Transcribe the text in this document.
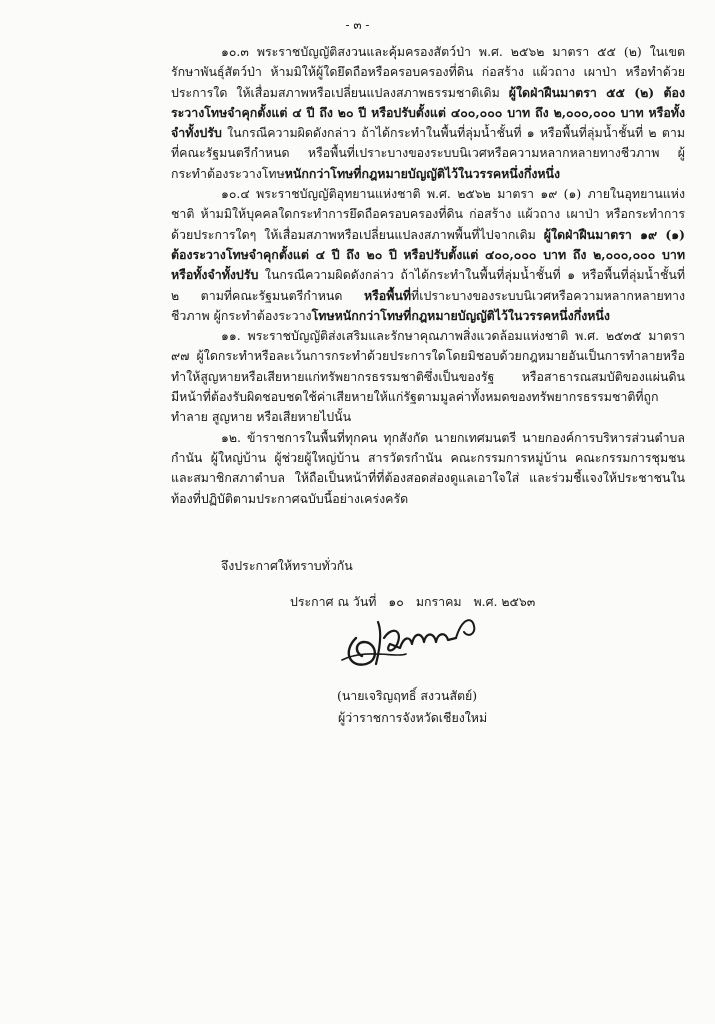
- ๓ -

๑๐.๓ พระราชบัญญัติสงวนและคุ้มครองสัตว์ป่า พ.ศ. ๒๕๖๒ มาตรา ๕๕ (๒) ในเขตรักษาพันธุ์สัตว์ป่า ห้ามมิให้ผู้ใดยึดถือหรือครอบครองที่ดิน ก่อสร้าง แผ้วถาง เผาป่า หรือทำด้วยประการใด ให้เสื่อมสภาพหรือเปลี่ยนแปลงสภาพธรรมชาติเดิม ผู้ใดฝ่าฝืนมาตรา ๕๕ (๒) ต้องระวางโทษจำคุกตั้งแต่ ๔ ปี ถึง ๒๐ ปี หรือปรับตั้งแต่ ๔๐๐,๐๐๐ บาท ถึง ๒,๐๐๐,๐๐๐ บาท หรือทั้งจำทั้งปรับ ในกรณีความผิดดังกล่าว ถ้าได้กระทำในพื้นที่ลุ่มน้ำชั้นที่ ๑ หรือพื้นที่ลุ่มน้ำชั้นที่ ๒ ตามที่คณะรัฐมนตรีกำหนด หรือพื้นที่เปราะบางของระบบนิเวศหรือความหลากหลายทางชีวภาพ ผู้กระทำต้องระวางโทษหนักกว่าโทษที่กฎหมายบัญญัติไว้ในวรรคหนึ่งกึ่งหนึ่ง

๑๐.๔ พระราชบัญญัติอุทยานแห่งชาติ พ.ศ. ๒๕๖๒ มาตรา ๑๙ (๑) ภายในอุทยานแห่งชาติ ห้ามมิให้บุคคลใดกระทำการยึดถือครอบครองที่ดิน ก่อสร้าง แผ้วถาง เผาป่า หรือกระทำการด้วยประการใดๆ ให้เสื่อมสภาพหรือเปลี่ยนแปลงสภาพพื้นที่ไปจากเดิม ผู้ใดฝ่าฝืนมาตรา ๑๙ (๑) ต้องระวางโทษจำคุกตั้งแต่ ๔ ปี ถึง ๒๐ ปี หรือปรับตั้งแต่ ๔๐๐,๐๐๐ บาท ถึง ๒,๐๐๐,๐๐๐ บาท หรือทั้งจำทั้งปรับ ในกรณีความผิดดังกล่าว ถ้าได้กระทำในพื้นที่ลุ่มน้ำชั้นที่ ๑ หรือพื้นที่ลุ่มน้ำชั้นที่ ๒ ตามที่คณะรัฐมนตรีกำหนด หรือพื้นที่ที่เปราะบางของระบบนิเวศหรือความหลากหลายทางชีวภาพ ผู้กระทำต้องระวางโทษหนักกว่าโทษที่กฎหมายบัญญัติไว้ในวรรคหนึ่งกึ่งหนึ่ง

๑๑. พระราชบัญญัติส่งเสริมและรักษาคุณภาพสิ่งแวดล้อมแห่งชาติ พ.ศ. ๒๕๓๕ มาตรา ๙๗ ผู้ใดกระทำหรือละเว้นการกระทำด้วยประการใดโดยมิชอบด้วยกฎหมายอันเป็นการทำลายหรือทำให้สูญหายหรือเสียหายแก่ทรัพยากรธรรมชาติซึ่งเป็นของรัฐ หรือสาธารณสมบัติของแผ่นดินมีหน้าที่ต้องรับผิดชอบชดใช้ค่าเสียหายให้แก่รัฐตามมูลค่าทั้งหมดของทรัพยากรธรรมชาติที่ถูกทำลาย สูญหาย หรือเสียหายไปนั้น

๑๒. ข้าราชการในพื้นที่ทุกคน ทุกสังกัด นายกเทศมนตรี นายกองค์การบริหารส่วนตำบล กำนัน ผู้ใหญ่บ้าน ผู้ช่วยผู้ใหญ่บ้าน สารวัตรกำนัน คณะกรรมการหมู่บ้าน คณะกรรมการชุมชน และสมาชิกสภาตำบล ให้ถือเป็นหน้าที่ที่ต้องสอดส่องดูแลเอาใจใส่ และร่วมชี้แจงให้ประชาชนในท้องที่ปฏิบัติตามประกาศฉบับนี้อย่างเคร่งครัด

จึงประกาศให้ทราบทั่วกัน
ประกาศ ณ วันที่ ๑๐ มกราคม พ.ศ. ๒๕๖๓
(นายเจริญฤทธิ์ สงวนสัตย์)
ผู้ว่าราชการจังหวัดเชียงใหม่
